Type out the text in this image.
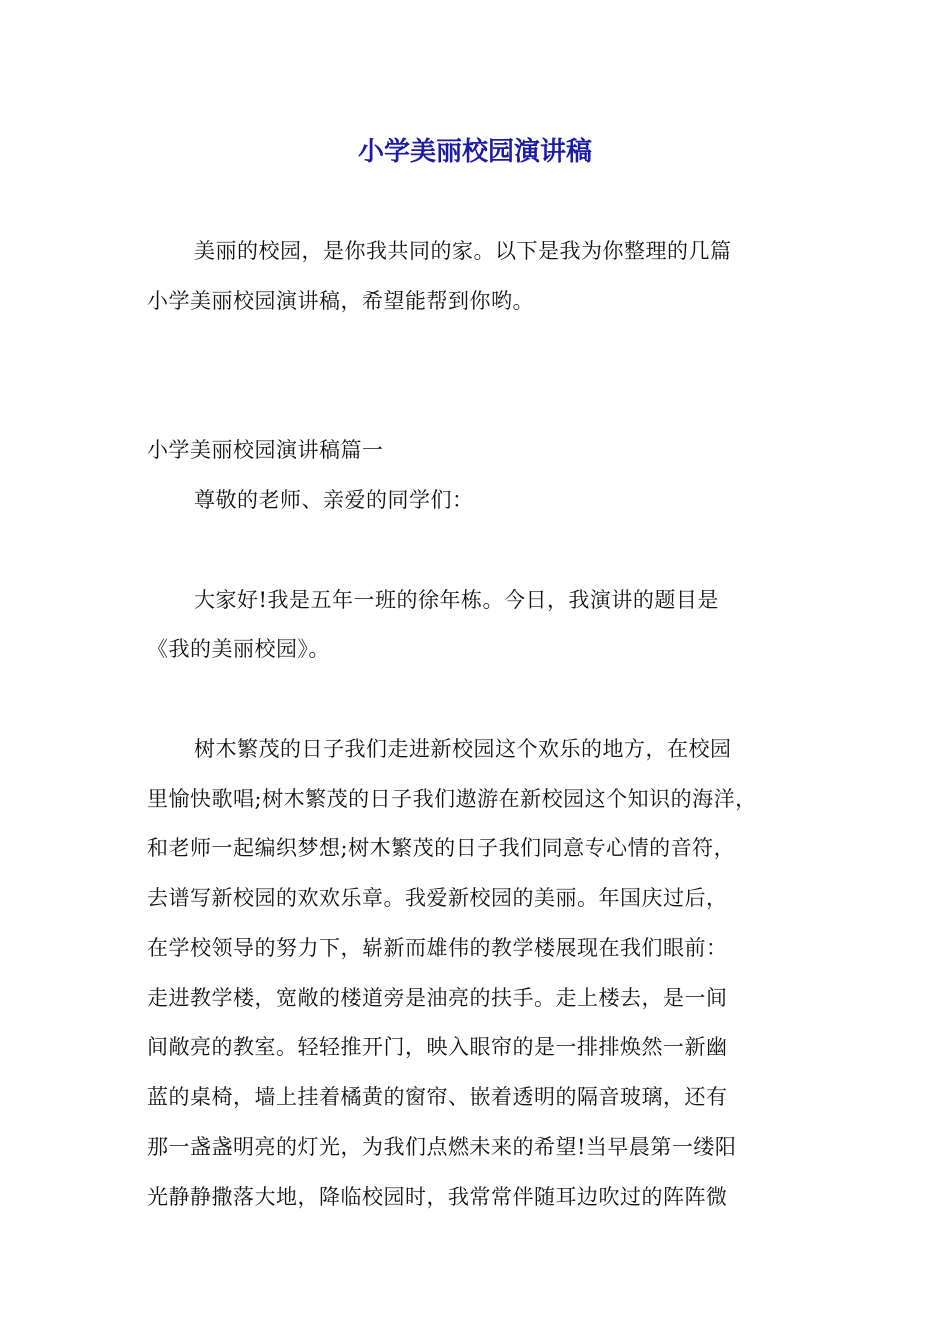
小学美丽校园演讲稿
美丽的校园，是你我共同的家。以下是我为你整理的几篇
小学美丽校园演讲稿，希望能帮到你哟。
小学美丽校园演讲稿篇一
尊敬的老师、亲爱的同学们：
大家好!我是五年一班的徐年栋。今日，我演讲的题目是
《我的美丽校园》。
树木繁茂的日子我们走进新校园这个欢乐的地方，在校园
里愉快歌唱;树木繁茂的日子我们遨游在新校园这个知识的海洋，
和老师一起编织梦想;树木繁茂的日子我们同意专心情的音符，
去谱写新校园的欢欢乐章。我爱新校园的美丽。年国庆过后，
在学校领导的努力下，崭新而雄伟的教学楼展现在我们眼前：
走进教学楼，宽敞的楼道旁是油亮的扶手。走上楼去，是一间
间敞亮的教室。轻轻推开门，映入眼帘的是一排排焕然一新幽
蓝的桌椅，墙上挂着橘黄的窗帘、嵌着透明的隔音玻璃，还有
那一盏盏明亮的灯光，为我们点燃未来的希望!当早晨第一缕阳
光静静撒落大地，降临校园时，我常常伴随耳边吹过的阵阵微
